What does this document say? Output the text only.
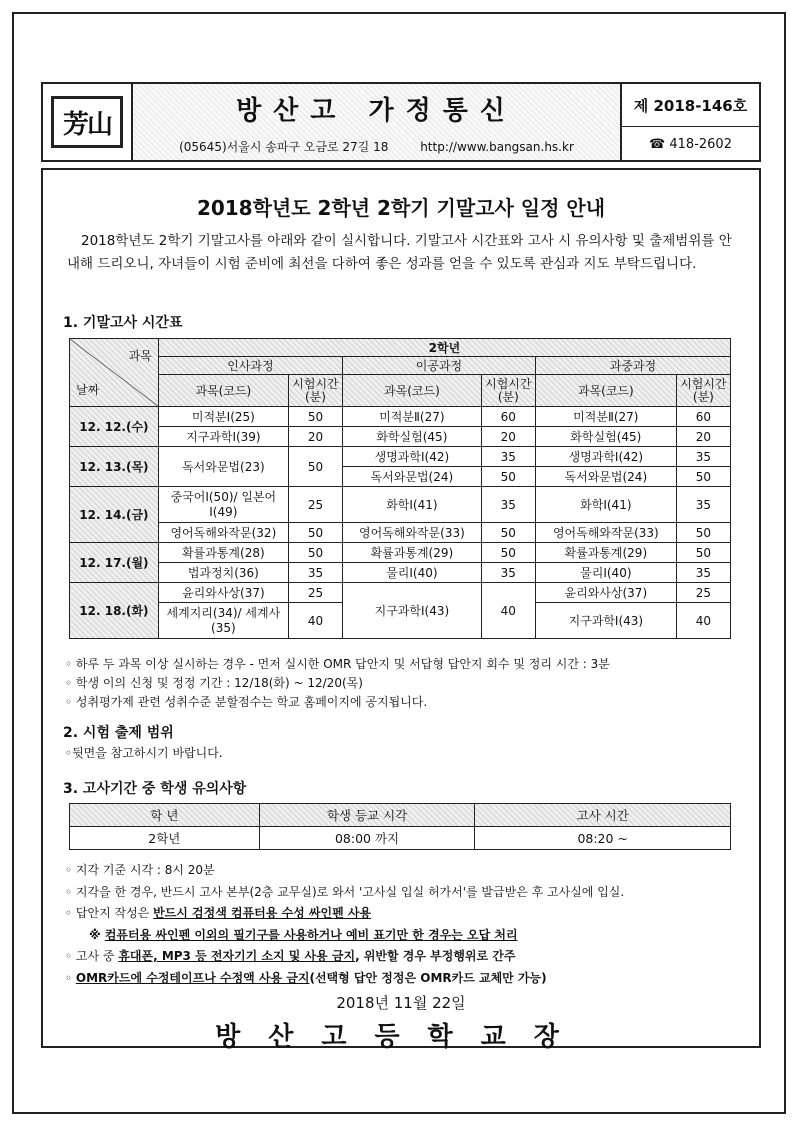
芳山	방산고 가정통신
(05645)서울시 송파구 오금로 27길 18	http://www.bangsan.hs.kr
제 2018-146호
☎
418-2602
2018학년도 2학년 2학기 기말고사 일정 안내
2018학년도 2학기 기말고사를 아래와 같이 실시합니다. 기말고사 시간표와 고사 시 유의사항 및 출제범위를 안내해 드리오니, 자녀들이 시험 준비에 최선을 다하여 좋은 성과를 얻을 수 있도록 관심과 지도 부탁드립니다.
1. 기말고사 시간표
과목
날짜	2학년					
	인사과정		이공과정		과중과정	
	과목(코드)	시험시간(분)	과목(코드)	시험시간(분)	과목(코드)	시험시간(분)
12. 12.(수)	미적분Ⅰ(25)	50	미적분Ⅱ(27)	60	미적분Ⅱ(27)	60
	지구과학Ⅰ(39)	20	화학실험(45)	20	화학실험(45)	20
12. 13.(목)	독서와문법(23)	50	생명과학Ⅰ(42)	35	생명과학Ⅰ(42)	35
			독서와문법(24)	50	독서와문법(24)	50
12. 14.(금)	중국어Ⅰ(50)/ 일본어Ⅰ(49)	25	화학Ⅰ(41)	35	화학Ⅰ(41)	35
	영어독해와작문(32)	50	영어독해와작문(33)	50	영어독해와작문(33)	50
12. 17.(월)	확률과통계(28)	50	확률과통계(29)	50	확률과통계(29)	50
	법과정치(36)	35	물리Ⅰ(40)	35	물리Ⅰ(40)	35
12. 18.(화)	윤리와사상(37)	25	지구과학Ⅰ(43)	40	윤리와사상(37)	25
	세계지리(34)/ 세계사(35)	40			지구과학Ⅰ(43)	40
◦ 하루 두 과목 이상 실시하는 경우 - 먼저 실시한 OMR 답안지 및 서답형 답안지 회수 및 정리 시간 : 3분
◦ 학생 이의 신청 및 정정 기간 : 12/18(화) ~ 12/20(목)
◦ 성취평가제 관련 성취수준 분할점수는 학교 홈페이지에 공지됩니다.
2. 시험 출제 범위
◦뒷면을 참고하시기 바랍니다.
3. 고사기간 중 학생 유의사항
학 년	학생 등교 시각	고사 시간
2학년	08:00 까지	08:20 ~
◦ 지각 기준 시각 : 8시 20분
◦ 지각을 한 경우, 반드시 고사 본부(2층 교무실)로 와서 '고사실 입실 허가서'를 발급받은 후 고사실에 입실.
◦ 답안지 작성은 반드시 검정색 컴퓨터용 수성 싸인펜 사용
※ 컴퓨터용 싸인펜 이외의 필기구를 사용하거나 예비 표기만 한 경우는 오답 처리
◦ 고사 중 휴대폰, MP3 등 전자기기 소지 및 사용 금지, 위반할 경우 부정행위로 간주
◦ OMR카드에 수정테이프나 수정액 사용 금지(선택형 답안 정정은 OMR카드 교체만 가능)
2018년 11월 22일
방산고등학교장
